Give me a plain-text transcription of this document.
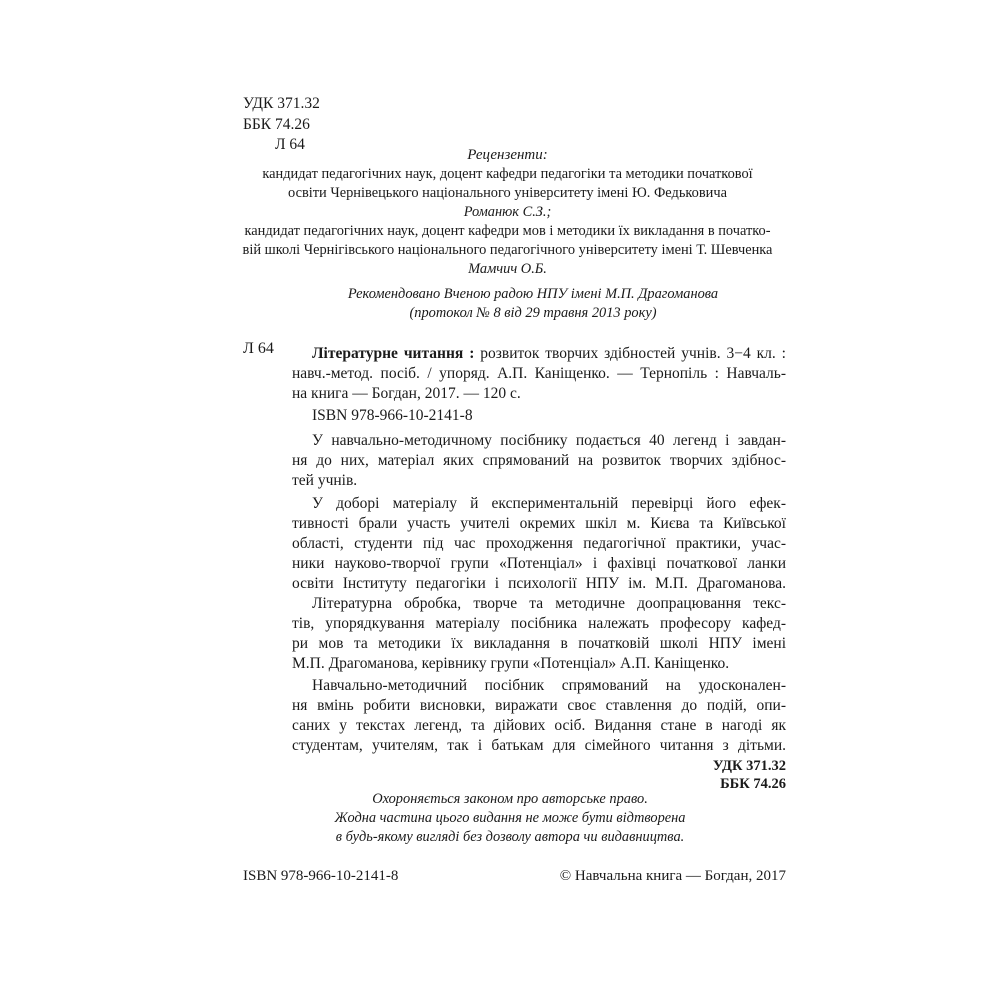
УДК 371.32
ББК 74.26
Л 64
Рецензенти:
кандидат педагогічних наук, доцент кафедри педагогіки та методики початкової
освіти Чернівецького національного університету імені Ю. Федьковича
Романюк С.З.;
кандидат педагогічних наук, доцент кафедри мов і методики їх викладання в початко-
вій школі Чернігівського національного педагогічного університету імені Т. Шевченка
Мамчич О.Б.
Рекомендовано Вченою радою НПУ імені М.П. Драгоманова
(протокол № 8 від 29 травня 2013 року)
Л 64 Літературне читання : розвиток творчих здібностей учнів. 3−4 кл. :
навч.-метод. посіб. / упоряд. А.П. Каніщенко. — Тернопіль : Навчаль-
на книга — Богдан, 2017. — 120 с.
ISBN 978-966-10-2141-8
У навчально-методичному посібнику подається 40 легенд і завдан-
ня до них, матеріал яких спрямований на розвиток творчих здібнос-
тей учнів.
У доборі матеріалу й експериментальній перевірці його ефек-
тивності брали участь учителі окремих шкіл м. Києва та Київської
області, студенти під час проходження педагогічної практики, учас-
ники науково-творчої групи «Потенціал» і фахівці початкової ланки
освіти Інституту педагогіки і психології НПУ ім. М.П. Драгоманова.
Літературна обробка, творче та методичне доопрацювання текс-
тів, упорядкування матеріалу посібника належать професору кафед-
ри мов та методики їх викладання в початковій школі НПУ імені
М.П. Драгоманова, керівнику групи «Потенціал» А.П. Каніщенко.
Навчально-методичний посібник спрямований на удосконален-
ня вмінь робити висновки, виражати своє ставлення до подій, опи-
саних у текстах легенд, та дійових осіб. Видання стане в нагоді як
студентам, учителям, так і батькам для сімейного читання з дітьми.
УДК 371.32
ББК 74.26
Охороняється законом про авторське право.
Жодна частина цього видання не може бути відтворена
в будь-якому вигляді без дозволу автора чи видавництва.
ISBN 978-966-10-2141-8	© Навчальна книга — Богдан, 2017
